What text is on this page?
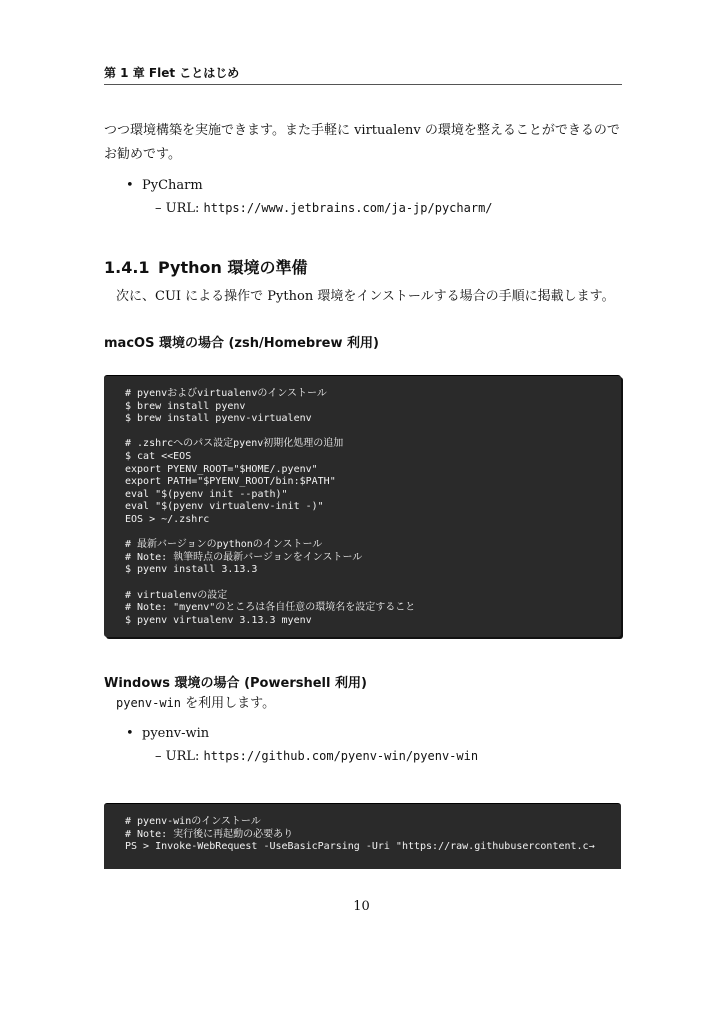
第 1 章 Flet ことはじめ
つつ環境構築を実施できます。また手軽に virtualenv の環境を整えることができるので
お勧めです。
• PyCharm
– URL: https://www.jetbrains.com/ja-jp/pycharm/
1.4.1 Python 環境の準備
次に、CUI による操作で Python 環境をインストールする場合の手順に掲載します。
macOS 環境の場合 (zsh/Homebrew 利用)
# pyenvおよびvirtualenvのインストール
$ brew install pyenv
$ brew install pyenv-virtualenv

# .zshrcへのパス設定pyenv初期化処理の追加
$ cat <<EOS
export PYENV_ROOT="$HOME/.pyenv"
export PATH="$PYENV_ROOT/bin:$PATH"
eval "$(pyenv init --path)"
eval "$(pyenv virtualenv-init -)"
EOS > ~/.zshrc

# 最新バージョンのpythonのインストール
# Note: 執筆時点の最新バージョンをインストール
$ pyenv install 3.13.3

# virtualenvの設定
# Note: "myenv"のところは各自任意の環境名を設定すること
$ pyenv virtualenv 3.13.3 myenv
Windows 環境の場合 (Powershell 利用)
pyenv-win を利用します。
• pyenv-win
– URL: https://github.com/pyenv-win/pyenv-win
# pyenv-winのインストール
# Note: 実行後に再起動の必要あり
PS > Invoke-WebRequest -UseBasicParsing -Uri "https://raw.githubusercontent.c→
10
